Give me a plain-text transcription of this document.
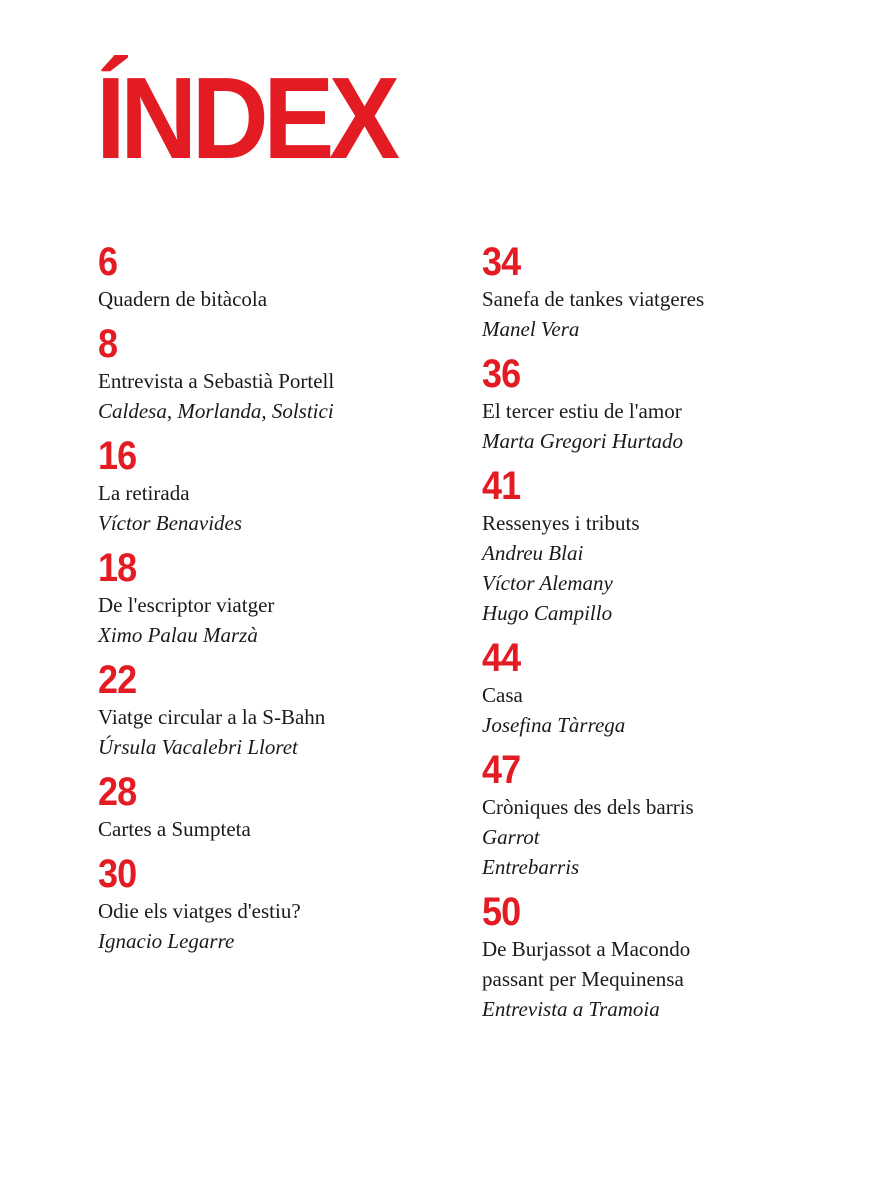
ÍNDEX
6
Quadern de bitàcola
8
Entrevista a Sebastià Portell
Caldesa, Morlanda, Solstici
16
La retirada
Víctor Benavides
18
De l'escriptor viatger
Ximo Palau Marzà
22
Viatge circular a la S-Bahn
Úrsula Vacalebri Lloret
28
Cartes a Sumpteta
30
Odie els viatges d'estiu?
Ignacio Legarre
34
Sanefa de tankes viatgeres
Manel Vera
36
El tercer estiu de l'amor
Marta Gregori Hurtado
41
Ressenyes i tributs
Andreu Blai
Víctor Alemany
Hugo Campillo
44
Casa
Josefina Tàrrega
47
Cròniques des dels barris
Garrot
Entrebarris
50
De Burjassot a Macondo
passant per Mequinensa
Entrevista a Tramoia
